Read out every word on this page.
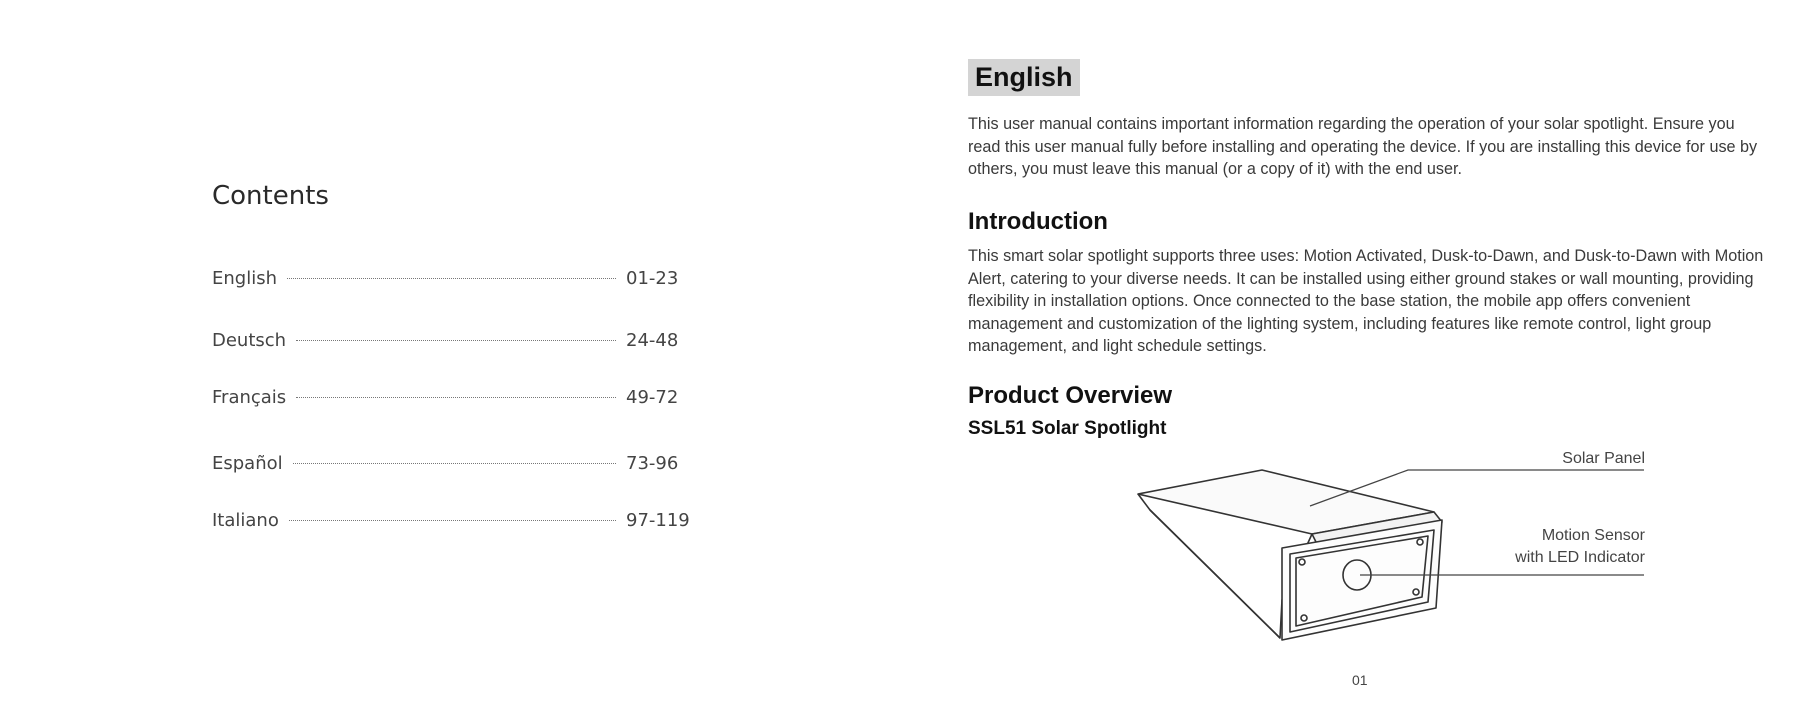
Contents
English	01-23
Deutsch	24-48
Français	49-72
Español	73-96
Italiano	97-119
English

This user manual contains important information regarding the operation of your solar spotlight. Ensure you read this user manual fully before installing and operating the device. If you are installing this device for use by others, you must leave this manual (or a copy of it) with the end user.

Introduction

This smart solar spotlight supports three uses: Motion Activated, Dusk-to-Dawn, and Dusk-to-Dawn with Motion Alert, catering to your diverse needs. It can be installed using either ground stakes or wall mounting, providing flexibility in installation options. Once connected to the base station, the mobile app offers convenient management and customization of the lighting system, including features like remote control, light group management, and light schedule settings.

Product Overview
SSL51 Solar Spotlight
Solar Panel
Motion Sensor
with LED Indicator
01
